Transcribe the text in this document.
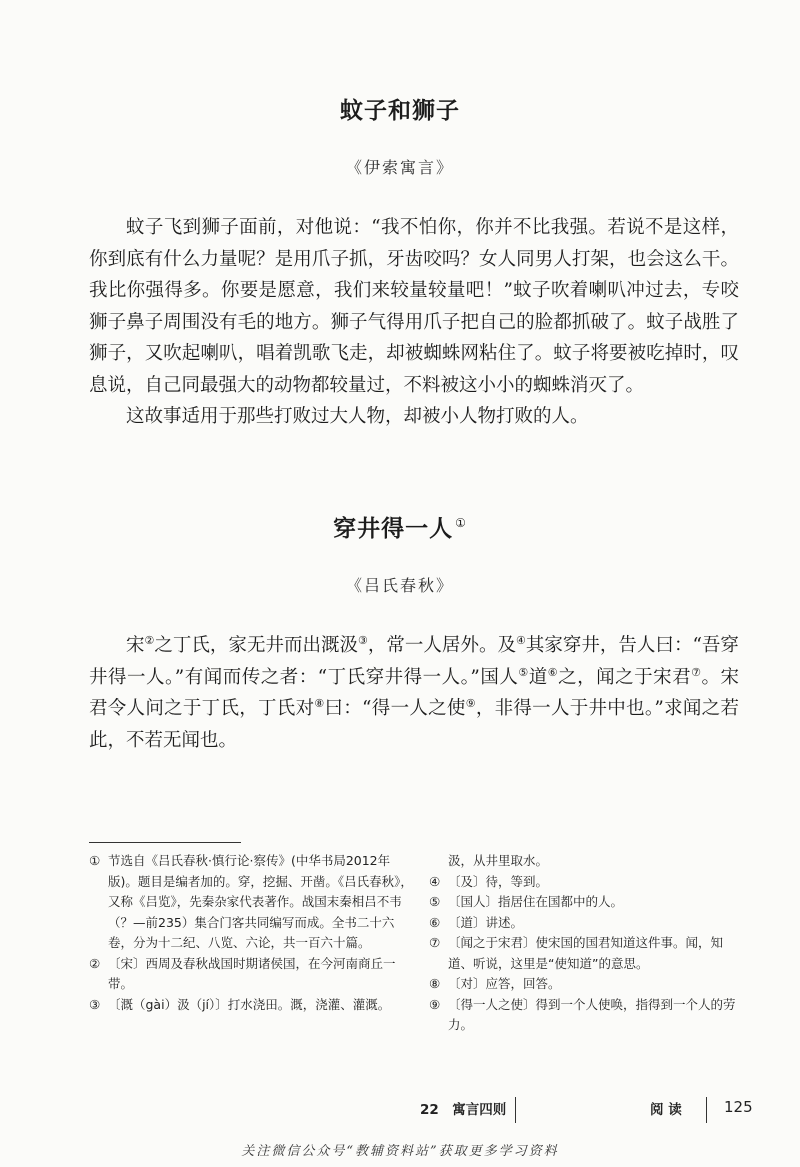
蚊子和狮子
《伊索寓言》

蚊子飞到狮子面前，对他说：“我不怕你，你并不比我强。若说不是这样，你到底有什么力量呢？是用爪子抓，牙齿咬吗？女人同男人打架，也会这么干。我比你强得多。你要是愿意，我们来较量较量吧！”蚊子吹着喇叭冲过去，专咬狮子鼻子周围没有毛的地方。狮子气得用爪子把自己的脸都抓破了。蚊子战胜了狮子，又吹起喇叭，唱着凯歌飞走，却被蜘蛛网粘住了。蚊子将要被吃掉时，叹息说，自己同最强大的动物都较量过，不料被这小小的蜘蛛消灭了。

这故事适用于那些打败过大人物，却被小人物打败的人。

穿井得一人 ①
《吕氏春秋》

宋②之丁氏，家无井而出溉汲③，常一人居外。及④其家穿井，告人曰：“吾穿井得一人。”有闻而传之者：“丁氏穿井得一人。”国人⑤道⑥之，闻之于宋君⑦。宋君令人问之于丁氏，丁氏对⑧曰：“得一人之使⑨，非得一人于井中也。”求闻之若此，不若无闻也。

① 节选自《吕氏春秋·慎行论·察传》(中华书局2012年版)。题目是编者加的。穿，挖掘、开凿。《吕氏春秋》，又称《吕览》，先秦杂家代表著作。战国末秦相吕不韦（？—前235）集合门客共同编写而成。全书二十六卷，分为十二纪、八览、六论，共一百六十篇。
② 〔宋〕西周及春秋战国时期诸侯国，在今河南商丘一带。
③ 〔溉（gài）汲（jí）〕打水浇田。溉，浇灌、灌溉。
汲，从井里取水。
④ 〔及〕待，等到。
⑤ 〔国人〕指居住在国都中的人。
⑥ 〔道〕讲述。
⑦ 〔闻之于宋君〕使宋国的国君知道这件事。闻，知道、听说，这里是“使知道”的意思。
⑧ 〔对〕应答，回答。
⑨ 〔得一人之使〕得到一个人使唤，指得到一个人的劳力。
22　寓言四则	阅 读	125
关注微信公众号“教辅资料站”获取更多学习资料
